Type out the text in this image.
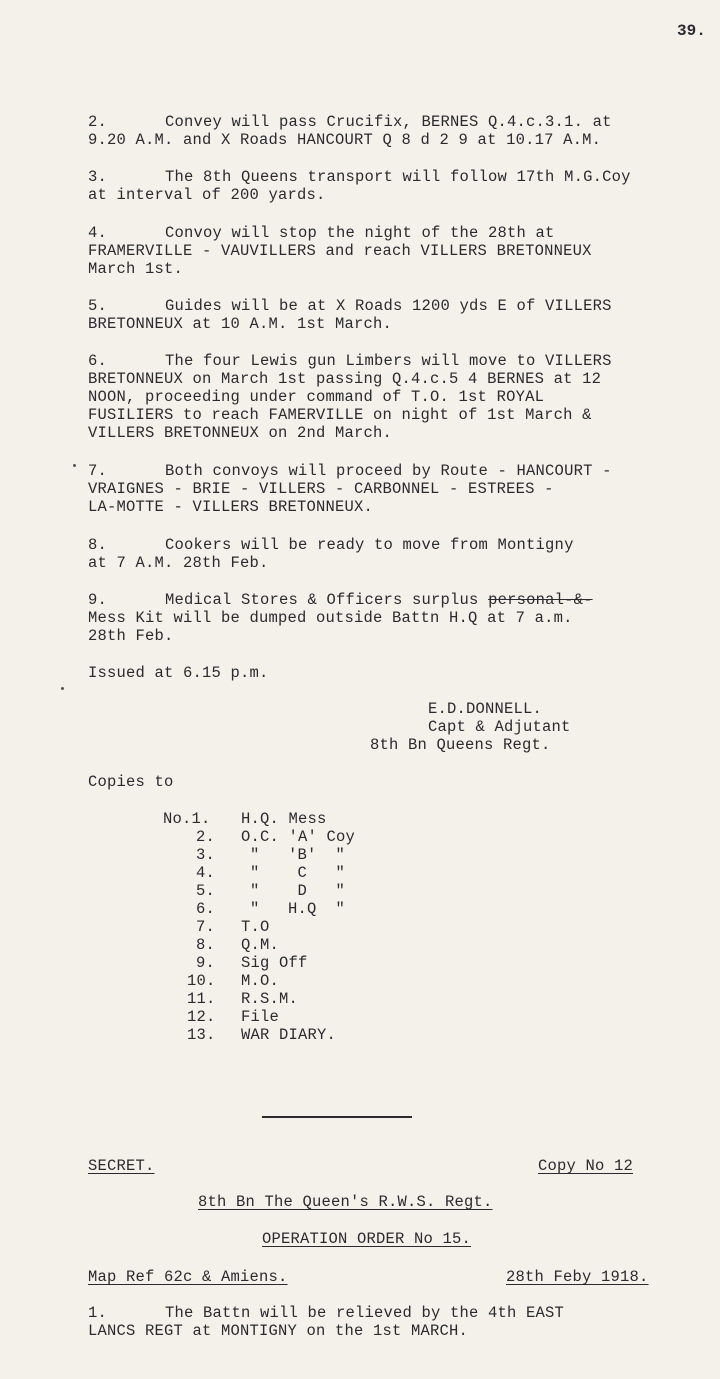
39.
2.	Convey will pass Crucifix, BERNES Q.4.c.3.1. at
9.20 A.M. and X Roads HANCOURT Q 8 d 2 9 at 10.17 A.M.
3.	The 8th Queens transport will follow 17th M.G.Coy
at interval of 200 yards.
4.	Convoy will stop the night of the 28th at
FRAMERVILLE - VAUVILLERS and reach VILLERS BRETONNEUX
March 1st.
5.	Guides will be at X Roads 1200 yds E of VILLERS
BRETONNEUX at 10 A.M. 1st March.
6.	The four Lewis gun Limbers will move to VILLERS
BRETONNEUX on March 1st passing Q.4.c.5 4 BERNES at 12
NOON, proceeding under command of T.O. 1st ROYAL
FUSILIERS to reach FAMERVILLE on night of 1st March &
VILLERS BRETONNEUX on 2nd March.
7.	Both convoys will proceed by Route - HANCOURT -
VRAIGNES - BRIE - VILLERS - CARBONNEL - ESTREES -
LA-MOTTE - VILLERS BRETONNEUX.
8.	Cookers will be ready to move from Montigny
at 7 A.M. 28th Feb.
9.	Medical Stores & Officers surplus personal-&-
Mess Kit will be dumped outside Battn H.Q at 7 a.m.
28th Feb.
Issued at 6.15 p.m.
E.D.DONNELL.
Capt & Adjutant
8th Bn Queens Regt.
Copies to
No.1. H.Q. Mess
2. O.C. 'A' Coy
3. "   'B'  "
4. "    C   "
5. "    D   "
6. "   H.Q  "
7. T.O
8. Q.M.
9. Sig Off
10. M.O.
11. R.S.M.
12. File
13. WAR DIARY.
SECRET.	Copy No 12
8th Bn The Queen's R.W.S. Regt.
OPERATION ORDER No 15.
Map Ref 62c & Amiens.	28th Feby 1918.
1.	The Battn will be relieved by the 4th EAST
LANCS REGT at MONTIGNY on the 1st MARCH.
